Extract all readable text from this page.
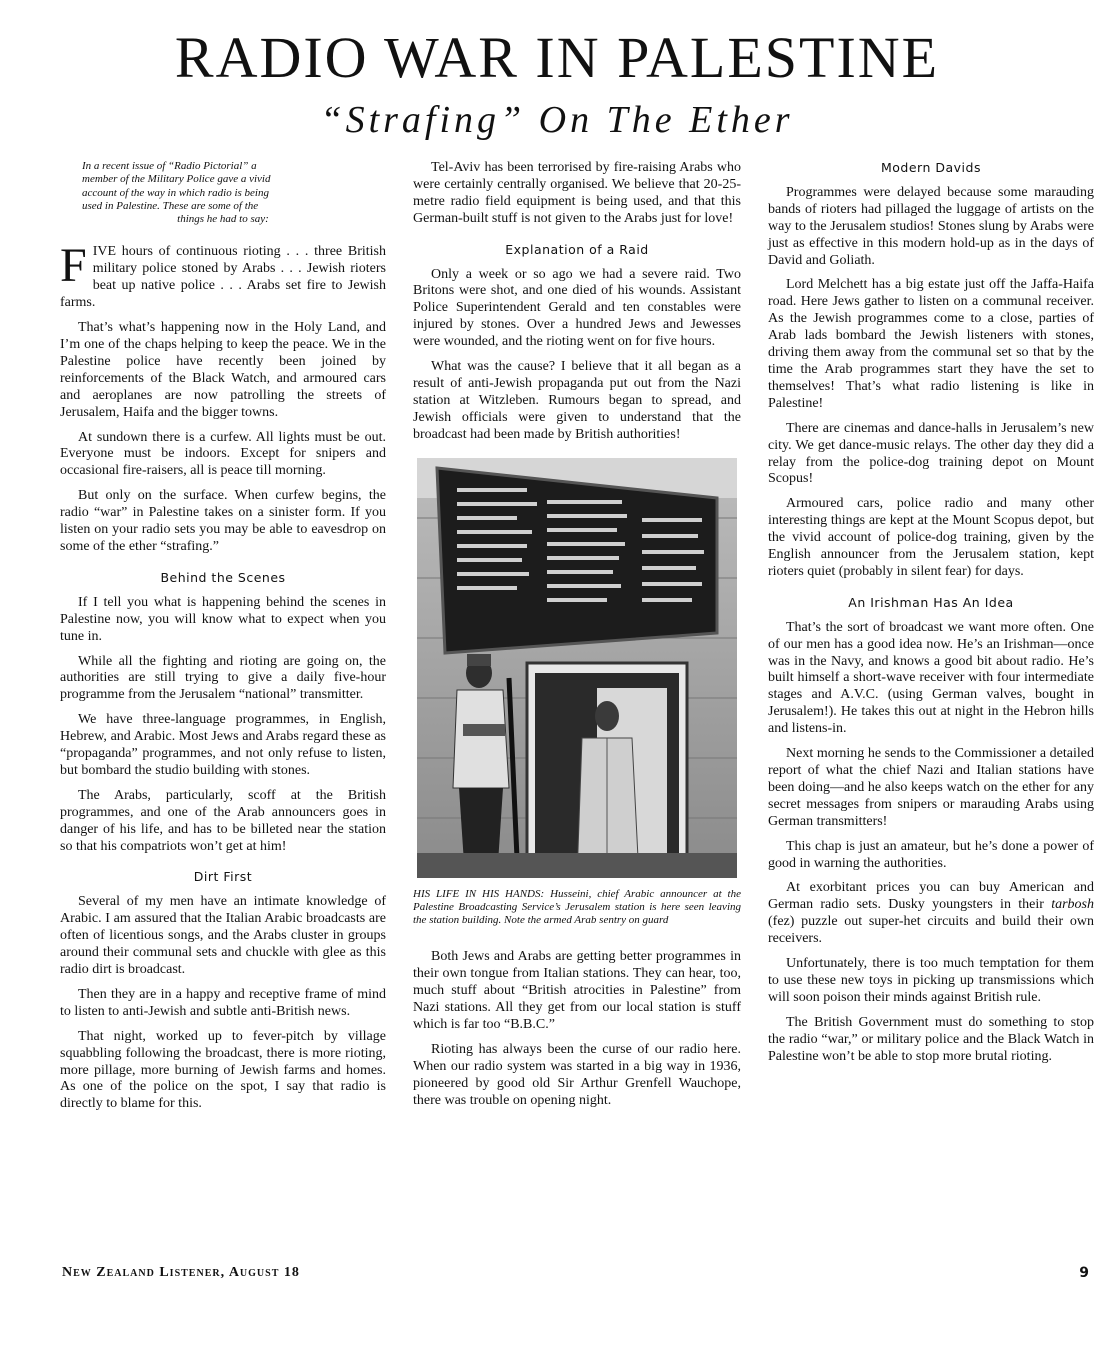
RADIO WAR IN PALESTINE
“Strafing” On The Ether
In a recent issue of “Radio Pictorial” a
member of the Military Police gave a vivid
account of the way in which radio is being
used in Palestine. These are some of the
things he had to say:

FIVE hours of continuous rioting . . . three British military police stoned by Arabs . . . Jewish rioters beat up native police . . . Arabs set fire to Jewish farms.

That’s what’s happening now in the Holy Land, and I’m one of the chaps helping to keep the peace. We in the Palestine police have recently been joined by reinforcements of the Black Watch, and armoured cars and aeroplanes are now patrolling the streets of Jerusalem, Haifa and the bigger towns.

At sundown there is a curfew. All lights must be out. Everyone must be indoors. Except for snipers and occasional fire-raisers, all is peace till morning.

But only on the surface. When curfew begins, the radio “war” in Palestine takes on a sinister form. If you listen on your radio sets you may be able to eavesdrop on some of the ether “strafing.”

Behind the Scenes

If I tell you what is happening behind the scenes in Palestine now, you will know what to expect when you tune in.

While all the fighting and rioting are going on, the authorities are still trying to give a daily five-hour programme from the Jerusalem “national” transmitter.

We have three-language programmes, in English, Hebrew, and Arabic. Most Jews and Arabs regard these as “propaganda” programmes, and not only refuse to listen, but bombard the studio building with stones.

The Arabs, particularly, scoff at the British programmes, and one of the Arab announcers goes in danger of his life, and has to be billeted near the station so that his compatriots won’t get at him!

Dirt First

Several of my men have an intimate knowledge of Arabic. I am assured that the Italian Arabic broadcasts are often of licentious songs, and the Arabs cluster in groups around their communal sets and chuckle with glee as this radio dirt is broadcast.

Then they are in a happy and receptive frame of mind to listen to anti-Jewish and subtle anti-British news.

That night, worked up to fever-pitch by village squabbling following the broadcast, there is more rioting, more pillage, more burning of Jewish farms and homes. As one of the police on the spot, I say that radio is directly to blame for this.

Tel-Aviv has been terrorised by fire-raising Arabs who were certainly centrally organised. We believe that 20-25-metre radio field equipment is being used, and that this German-built stuff is not given to the Arabs just for love!

Explanation of a Raid

Only a week or so ago we had a severe raid. Two Britons were shot, and one died of his wounds. Assistant Police Superintendent Gerald and ten constables were injured by stones. Over a hundred Jews and Jewesses were wounded, and the rioting went on for five hours.

What was the cause? I believe that it all began as a result of anti-Jewish propaganda put out from the Nazi station at Witzleben. Rumours began to spread, and Jewish officials were given to understand that the broadcast had been made by British authorities!

HIS LIFE IN HIS HANDS: Husseini, chief Arabic announcer at the Palestine Broadcasting Service’s Jerusalem station is here seen leaving the station building. Note the armed Arab sentry on guard

Both Jews and Arabs are getting better programmes in their own tongue from Italian stations. They can hear, too, much stuff about “British atrocities in Palestine” from Nazi stations. All they get from our local station is stuff which is far too “B.B.C.”

Rioting has always been the curse of our radio here. When our radio system was started in a big way in 1936, pioneered by good old Sir Arthur Grenfell Wauchope, there was trouble on opening night.

Modern Davids

Programmes were delayed because some marauding bands of rioters had pillaged the luggage of artists on the way to the Jerusalem studios! Stones slung by Arabs were just as effective in this modern hold-up as in the days of David and Goliath.

Lord Melchett has a big estate just off the Jaffa-Haifa road. Here Jews gather to listen on a communal receiver. As the Jewish programmes come to a close, parties of Arab lads bombard the Jewish listeners with stones, driving them away from the communal set so that by the time the Arab programmes start they have the set to themselves! That’s what radio listening is like in Palestine!

There are cinemas and dance-halls in Jerusalem’s new city. We get dance-music relays. The other day they did a relay from the police-dog training depot on Mount Scopus!

Armoured cars, police radio and many other interesting things are kept at the Mount Scopus depot, but the vivid account of police-dog training, given by the English announcer from the Jerusalem station, kept rioters quiet (probably in silent fear) for days.

An Irishman Has An Idea

That’s the sort of broadcast we want more often. One of our men has a good idea now. He’s an Irishman—once was in the Navy, and knows a good bit about radio. He’s built himself a short-wave receiver with four intermediate stages and A.V.C. (using German valves, bought in Jerusalem!). He takes this out at night in the Hebron hills and listens-in.

Next morning he sends to the Commissioner a detailed report of what the chief Nazi and Italian stations have been doing—and he also keeps watch on the ether for any secret messages from snipers or marauding Arabs using German transmitters!

This chap is just an amateur, but he’s done a power of good in warning the authorities.

At exorbitant prices you can buy American and German radio sets. Dusky youngsters in their tarbosh (fez) puzzle out super-het circuits and build their own receivers.

Unfortunately, there is too much temptation for them to use these new toys in picking up transmissions which will soon poison their minds against British rule.

The British Government must do something to stop the radio “war,” or military police and the Black Watch in Palestine won’t be able to stop more brutal rioting.

New Zealand Listener, August 18	9
